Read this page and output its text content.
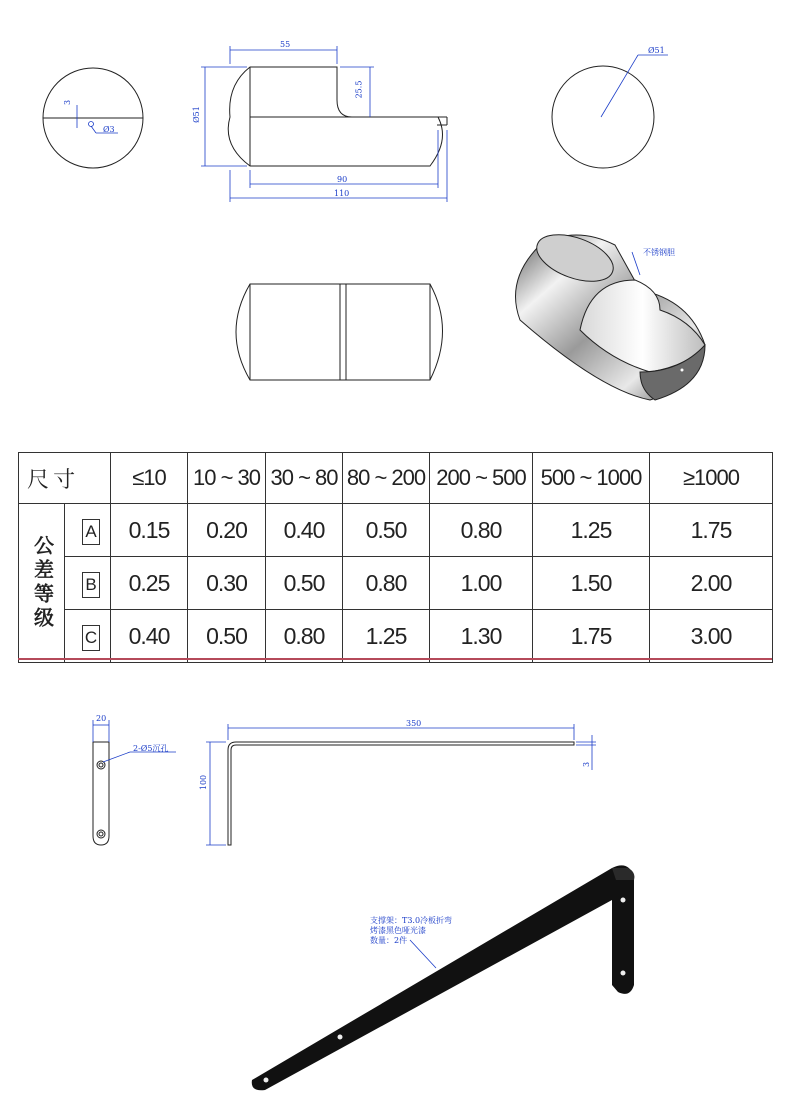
55
25.5
Ø51
90
110
3
Ø3
Ø51
不锈钢胆
尺 寸		≤10	10 ~ 30	30 ~ 80	80 ~ 200	200 ~ 500	500 ~ 1000	≥1000
公差等级	A	0.15	0.20	0.40	0.50	0.80	1.25	1.75
	B	0.25	0.30	0.50	0.80	1.00	1.50	2.00
	C	0.40	0.50	0.80	1.25	1.30	1.75	3.00
20
2-Ø5沉孔
350
100
3
支撑架：T3.0冷板折弯
烤漆黑色哑光漆
数量：2件
